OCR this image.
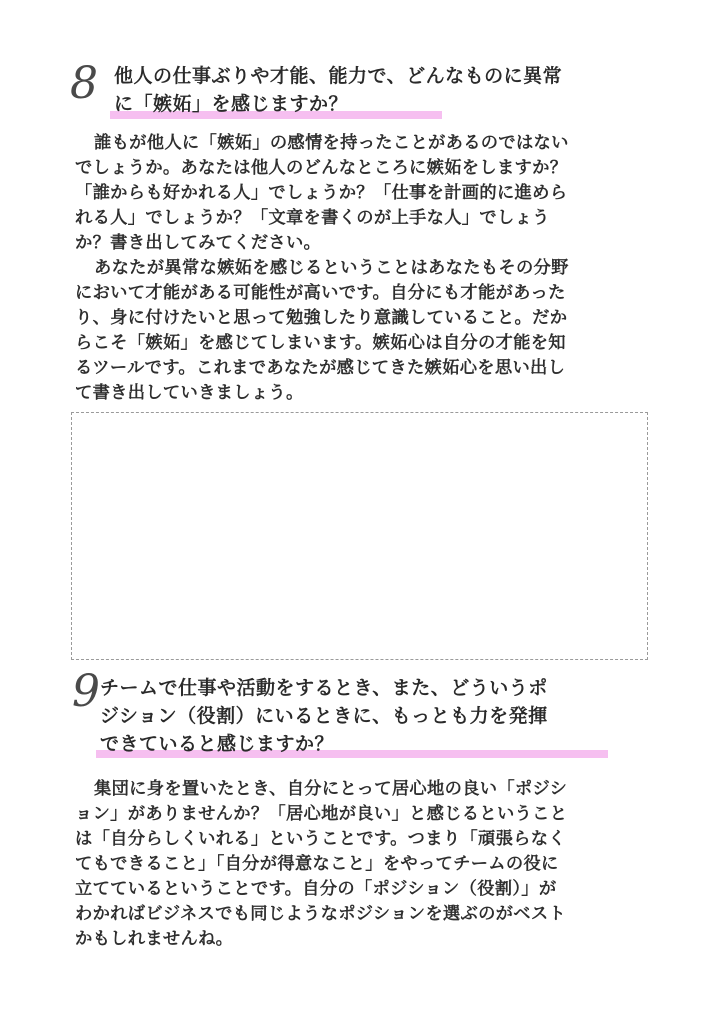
8 他人の仕事ぶりや才能、能力で、どんなものに異常
に「嫉妬」を感じますか？
誰もが他人に「嫉妬」の感情を持ったことがあるのではない
でしょうか。あなたは他人のどんなところに嫉妬をしますか？
「誰からも好かれる人」でしょうか？「仕事を計画的に進めら
れる人」でしょうか？「文章を書くのが上手な人」でしょう
か？書き出してみてください。
あなたが異常な嫉妬を感じるということはあなたもその分野
において才能がある可能性が高いです。自分にも才能があった
り、身に付けたいと思って勉強したり意識していること。だか
らこそ「嫉妬」を感じてしまいます。嫉妬心は自分の才能を知
るツールです。これまであなたが感じてきた嫉妬心を思い出し
て書き出していきましょう。
9 チームで仕事や活動をするとき、また、どういうポ
ジション（役割）にいるときに、もっとも力を発揮
できていると感じますか？
集団に身を置いたとき、自分にとって居心地の良い「ポジシ
ョン」がありませんか？「居心地が良い」と感じるということ
は「自分らしくいれる」ということです。つまり「頑張らなく
てもできること」「自分が得意なこと」をやってチームの役に
立てているということです。自分の「ポジション（役割）」が
わかればビジネスでも同じようなポジションを選ぶのがベスト
かもしれませんね。
